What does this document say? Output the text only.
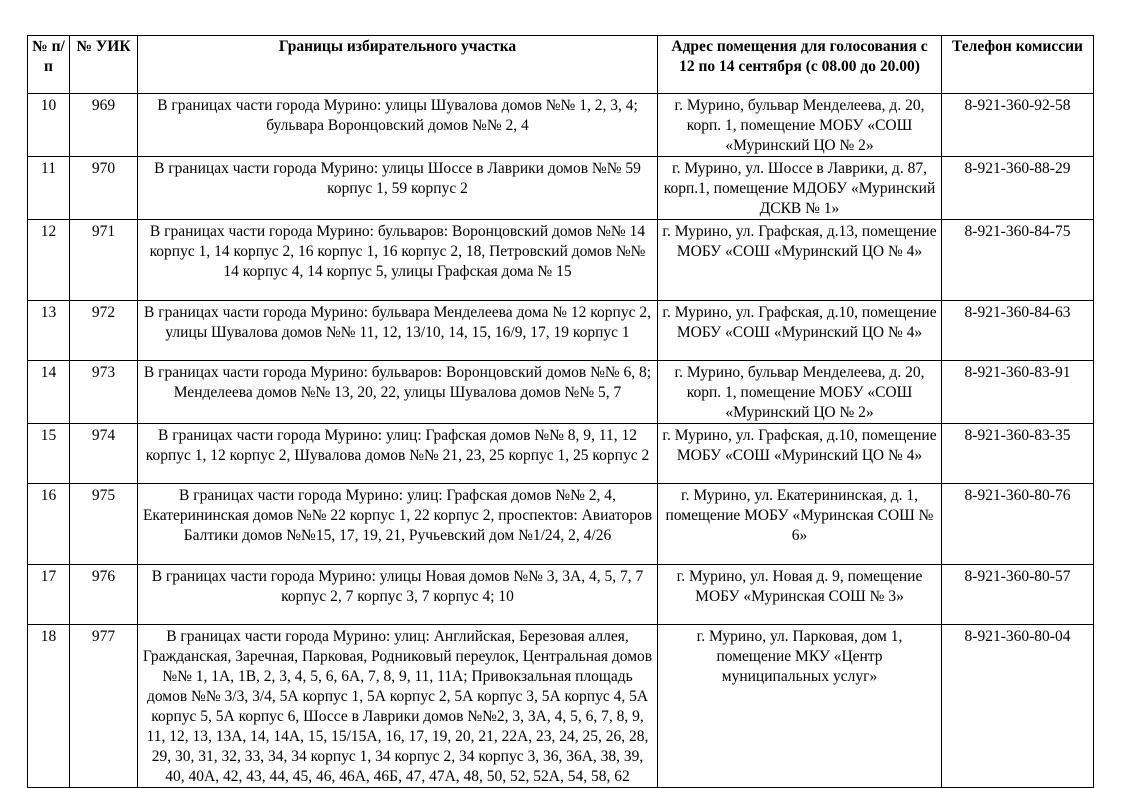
№ п/п	№ УИК	Границы избирательного участка	Адрес помещения для голосования с 12 по 14 сентября (с 08.00 до 20.00)	Телефон комиссии
10	969	В границах части города Мурино: улицы Шувалова домов №№ 1, 2, 3, 4; бульвара Воронцовский домов №№ 2, 4	г. Мурино, бульвар Менделеева, д. 20, корп. 1, помещение МОБУ «СОШ «Муринский ЦО № 2»	8-921-360-92-58
11	970	В границах части города Мурино: улицы Шоссе в Лаврики домов №№ 59 корпус 1, 59 корпус 2	г. Мурино, ул. Шоссе в Лаврики, д. 87, корп.1, помещение МДОБУ «Муринский ДСКВ № 1»	8-921-360-88-29
12	971	В границах части города Мурино: бульваров: Воронцовский домов №№ 14 корпус 1, 14 корпус 2, 16 корпус 1, 16 корпус 2, 18, Петровский домов №№ 14 корпус 4, 14 корпус 5, улицы Графская дома № 15	г. Мурино, ул. Графская, д.13, помещение МОБУ «СОШ «Муринский ЦО № 4»	8-921-360-84-75
13	972	В границах части города Мурино: бульвара Менделеева дома № 12 корпус 2, улицы Шувалова домов №№ 11, 12, 13/10, 14, 15, 16/9, 17, 19 корпус 1	г. Мурино, ул. Графская, д.10, помещение МОБУ «СОШ «Муринский ЦО № 4»	8-921-360-84-63
14	973	В границах части города Мурино: бульваров: Воронцовский домов №№ 6, 8; Менделеева домов №№ 13, 20, 22, улицы Шувалова домов №№ 5, 7	г. Мурино, бульвар Менделеева, д. 20, корп. 1, помещение МОБУ «СОШ «Муринский ЦО № 2»	8-921-360-83-91
15	974	В границах части города Мурино: улиц: Графская домов №№ 8, 9, 11, 12 корпус 1, 12 корпус 2, Шувалова домов №№ 21, 23, 25 корпус 1, 25 корпус 2	г. Мурино, ул. Графская, д.10, помещение МОБУ «СОШ «Муринский ЦО № 4»	8-921-360-83-35
16	975	В границах части города Мурино: улиц: Графская домов №№ 2, 4, Екатерининская домов №№ 22 корпус 1, 22 корпус 2, проспектов: Авиаторов Балтики домов №№15, 17, 19, 21, Ручьевский дом №1/24, 2, 4/26	г. Мурино, ул. Екатерининская, д. 1, помещение МОБУ «Муринская СОШ № 6»	8-921-360-80-76
17	976	В границах части города Мурино: улицы Новая домов №№ 3, 3А, 4, 5, 7, 7 корпус 2, 7 корпус 3, 7 корпус 4; 10	г. Мурино, ул. Новая д. 9, помещение МОБУ «Муринская СОШ № 3»	8-921-360-80-57
18	977	В границах части города Мурино: улиц: Английская, Березовая аллея, Гражданская, Заречная, Парковая, Родниковый переулок, Центральная домов №№ 1, 1А, 1В, 2, 3, 4, 5, 6, 6А, 7, 8, 9, 11, 11А; Привокзальная площадь домов №№ 3/3, 3/4, 5А корпус 1, 5А корпус 2, 5А корпус 3, 5А корпус 4, 5А корпус 5, 5А корпус 6, Шоссе в Лаврики домов №№2, 3, 3А, 4, 5, 6, 7, 8, 9, 11, 12, 13, 13А, 14, 14А, 15, 15/15А, 16, 17, 19, 20, 21, 22А, 23, 24, 25, 26, 28, 29, 30, 31, 32, 33, 34, 34 корпус 1, 34 корпус 2, 34 корпус 3, 36, 36А, 38, 39, 40, 40А, 42, 43, 44, 45, 46, 46А, 46Б, 47, 47А, 48, 50, 52, 52А, 54, 58, 62	г. Мурино, ул. Парковая, дом 1, помещение МКУ «Центр муниципальных услуг»	8-921-360-80-04
